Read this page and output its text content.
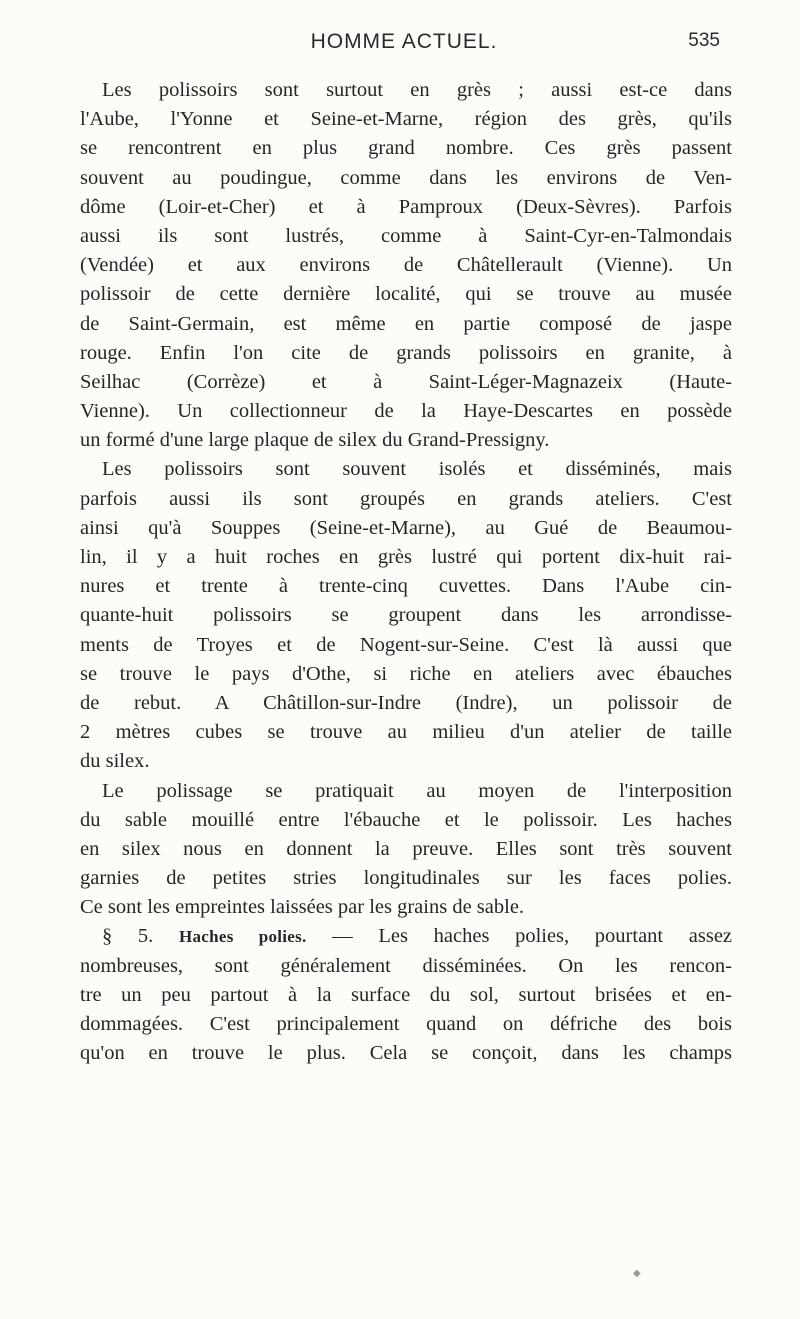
HOMME ACTUEL.	535
Les polissoirs sont surtout en grès ; aussi est-ce dans
l'Aube, l'Yonne et Seine-et-Marne, région des grès, qu'ils
se rencontrent en plus grand nombre. Ces grès passent
souvent au poudingue, comme dans les environs de Ven-
dôme (Loir-et-Cher) et à Pamproux (Deux-Sèvres). Parfois
aussi ils sont lustrés, comme à Saint-Cyr-en-Talmondais
(Vendée) et aux environs de Châtellerault (Vienne). Un
polissoir de cette dernière localité, qui se trouve au musée
de Saint-Germain, est même en partie composé de jaspe
rouge. Enfin l'on cite de grands polissoirs en granite, à
Seilhac (Corrèze) et à Saint-Léger-Magnazeix (Haute-
Vienne). Un collectionneur de la Haye-Descartes en possède
un formé d'une large plaque de silex du Grand-Pressigny.
Les polissoirs sont souvent isolés et disséminés, mais
parfois aussi ils sont groupés en grands ateliers. C'est
ainsi qu'à Souppes (Seine-et-Marne), au Gué de Beaumou-
lin, il y a huit roches en grès lustré qui portent dix-huit rai-
nures et trente à trente-cinq cuvettes. Dans l'Aube cin-
quante-huit polissoirs se groupent dans les arrondisse-
ments de Troyes et de Nogent-sur-Seine. C'est là aussi que
se trouve le pays d'Othe, si riche en ateliers avec ébauches
de rebut. A Châtillon-sur-Indre (Indre), un polissoir de
2 mètres cubes se trouve au milieu d'un atelier de taille
du silex.
Le polissage se pratiquait au moyen de l'interposition
du sable mouillé entre l'ébauche et le polissoir. Les haches
en silex nous en donnent la preuve. Elles sont très souvent
garnies de petites stries longitudinales sur les faces polies.
Ce sont les empreintes laissées par les grains de sable.
§ 5. Haches polies. — Les haches polies, pourtant assez
nombreuses, sont généralement disséminées. On les rencon-
tre un peu partout à la surface du sol, surtout brisées et en-
dommagées. C'est principalement quand on défriche des bois
qu'on en trouve le plus. Cela se conçoit, dans les champs
◆
